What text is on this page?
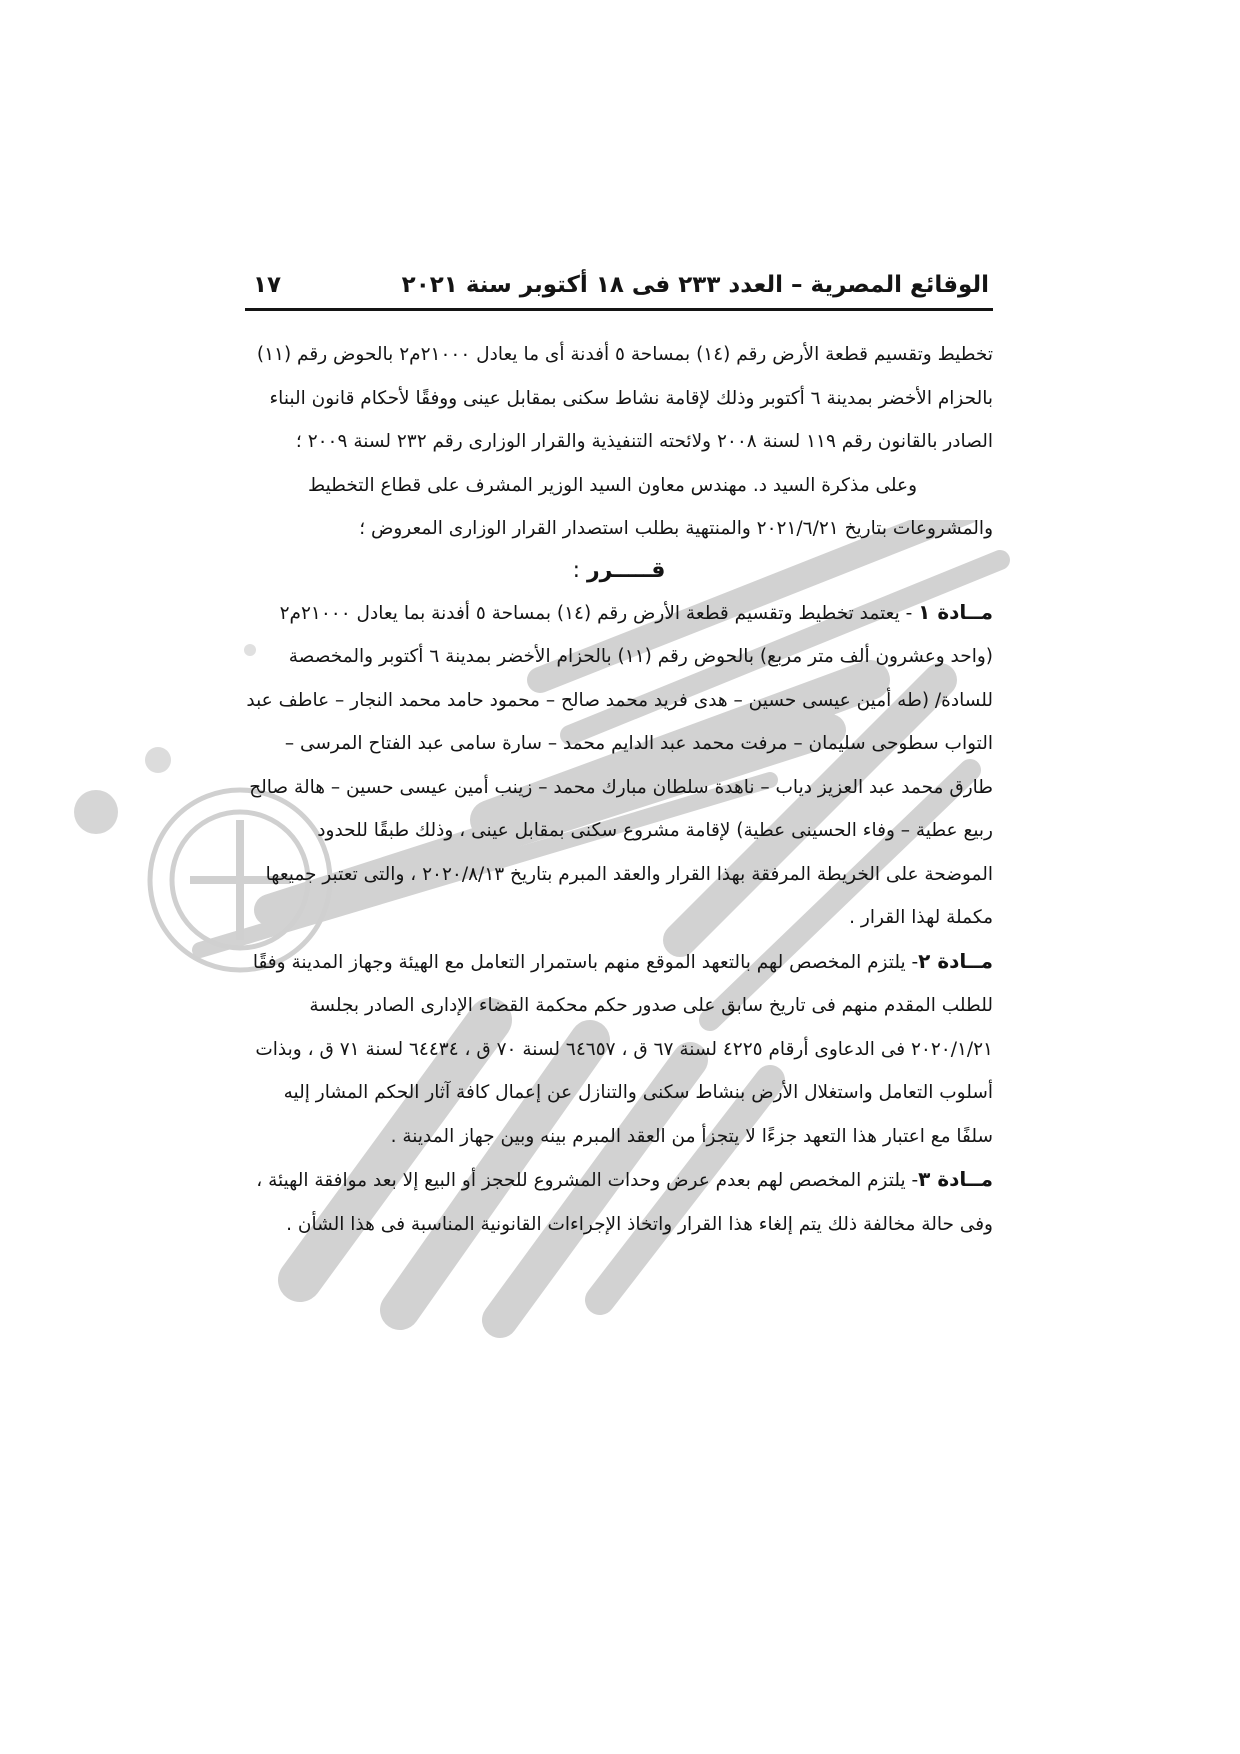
الوقائع المصرية – العدد ٢٣٣ فى ١٨ أكتوبر سنة ٢٠٢١
١٧

تخطيط وتقسيم قطعة الأرض رقم (١٤) بمساحة ٥ أفدنة أى ما يعادل ٢١٠٠٠م٢ بالحوض رقم (١١) بالحزام الأخضر بمدينة ٦ أكتوبر وذلك لإقامة نشاط سكنى بمقابل عينى ووفقًا لأحكام قانون البناء الصادر بالقانون رقم ١١٩ لسنة ٢٠٠٨ ولائحته التنفيذية والقرار الوزارى رقم ٢٣٢ لسنة ٢٠٠٩ ؛

وعلى مذكرة السيد د. مهندس معاون السيد الوزير المشرف على قطاع التخطيط والمشروعات بتاريخ ٢٠٢١/٦/٢١ والمنتهية بطلب استصدار القرار الوزارى المعروض ؛

قـــــرر :

مــادة ١ - يعتمد تخطيط وتقسيم قطعة الأرض رقم (١٤) بمساحة ٥ أفدنة بما يعادل ٢١٠٠٠م٢ (واحد وعشرون ألف متر مربع) بالحوض رقم (١١) بالحزام الأخضر بمدينة ٦ أكتوبر والمخصصة للسادة/ (طه أمين عيسى حسين – هدى فريد محمد صالح – محمود حامد محمد النجار – عاطف عبد التواب سطوحى سليمان – مرفت محمد عبد الدايم محمد – سارة سامى عبد الفتاح المرسى – طارق محمد عبد العزيز دياب – ناهدة سلطان مبارك محمد – زينب أمين عيسى حسين – هالة صالح ربيع عطية – وفاء الحسينى عطية) لإقامة مشروع سكنى بمقابل عينى ، وذلك طبقًا للحدود الموضحة على الخريطة المرفقة بهذا القرار والعقد المبرم بتاريخ ٢٠٢٠/٨/١٣ ، والتى تعتبر جميعها مكملة لهذا القرار .

مــادة ٢- يلتزم المخصص لهم بالتعهد الموقع منهم باستمرار التعامل مع الهيئة وجهاز المدينة وفقًا للطلب المقدم منهم فى تاريخ سابق على صدور حكم محكمة القضاء الإدارى الصادر بجلسة ٢٠٢٠/١/٢١ فى الدعاوى أرقام ٤٢٢٥ لسنة ٦٧ ق ، ٦٤٦٥٧ لسنة ٧٠ ق ، ٦٤٤٣٤ لسنة ٧١ ق ، وبذات أسلوب التعامل واستغلال الأرض بنشاط سكنى والتنازل عن إعمال كافة آثار الحكم المشار إليه سلفًا مع اعتبار هذا التعهد جزءًا لا يتجزأ من العقد المبرم بينه وبين جهاز المدينة .

مــادة ٣- يلتزم المخصص لهم بعدم عرض وحدات المشروع للحجز أو البيع إلا بعد موافقة الهيئة ، وفى حالة مخالفة ذلك يتم إلغاء هذا القرار واتخاذ الإجراءات القانونية المناسبة فى هذا الشأن .
